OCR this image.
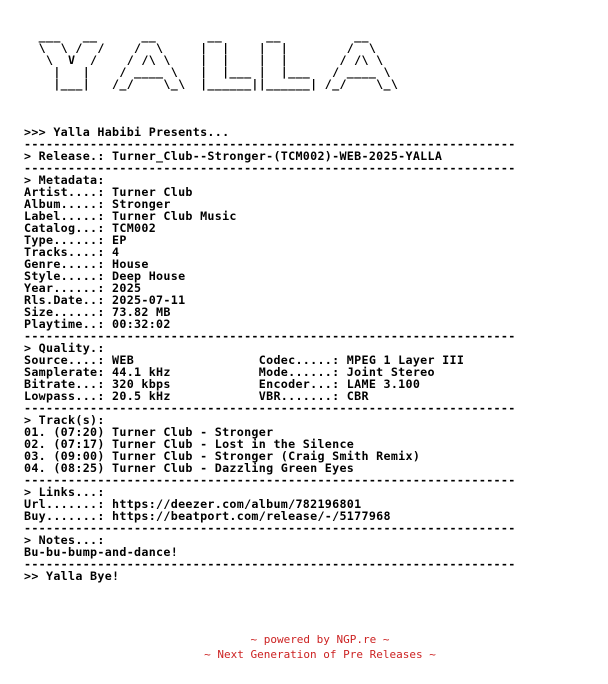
___   __      __       __      __          __
\  \ /  /    /  \     |  |    |  |        /  \
\  V  /    / /\ \    |  |    |  |       / /\ \
|   |    / ____ \   |  |___ |  |___   / ____ \
|___|   /_/    \_\  |______||______| /_/    \_\

>>> Yalla Habibi Presents...
-------------------------------------------------------------------
> Release.: Turner_Club--Stronger-(TCM002)-WEB-2025-YALLA
-------------------------------------------------------------------
> Metadata:
Artist....: Turner Club
Album.....: Stronger
Label.....: Turner Club Music
Catalog...: TCM002
Type......: EP
Tracks....: 4
Genre.....: House
Style.....: Deep House
Year......: 2025
Rls.Date..: 2025-07-11
Size......: 73.82 MB
Playtime..: 00:32:02
-------------------------------------------------------------------
> Quality.:
Source....: WEB                 Codec.....: MPEG 1 Layer III
Samplerate: 44.1 kHz            Mode......: Joint Stereo
Bitrate...: 320 kbps            Encoder...: LAME 3.100
Lowpass...: 20.5 kHz            VBR.......: CBR
-------------------------------------------------------------------
> Track(s):
01. (07:20) Turner Club - Stronger
02. (07:17) Turner Club - Lost in the Silence
03. (09:00) Turner Club - Stronger (Craig Smith Remix)
04. (08:25) Turner Club - Dazzling Green Eyes
-------------------------------------------------------------------
> Links...:
Url.......: https://deezer.com/album/782196801
Buy.......: https://beatport.com/release/-/5177968
-------------------------------------------------------------------
> Notes...:
Bu-bu-bump-and-dance!
-------------------------------------------------------------------
>> Yalla Bye!
~ powered by NGP.re ~
~ Next Generation of Pre Releases ~
